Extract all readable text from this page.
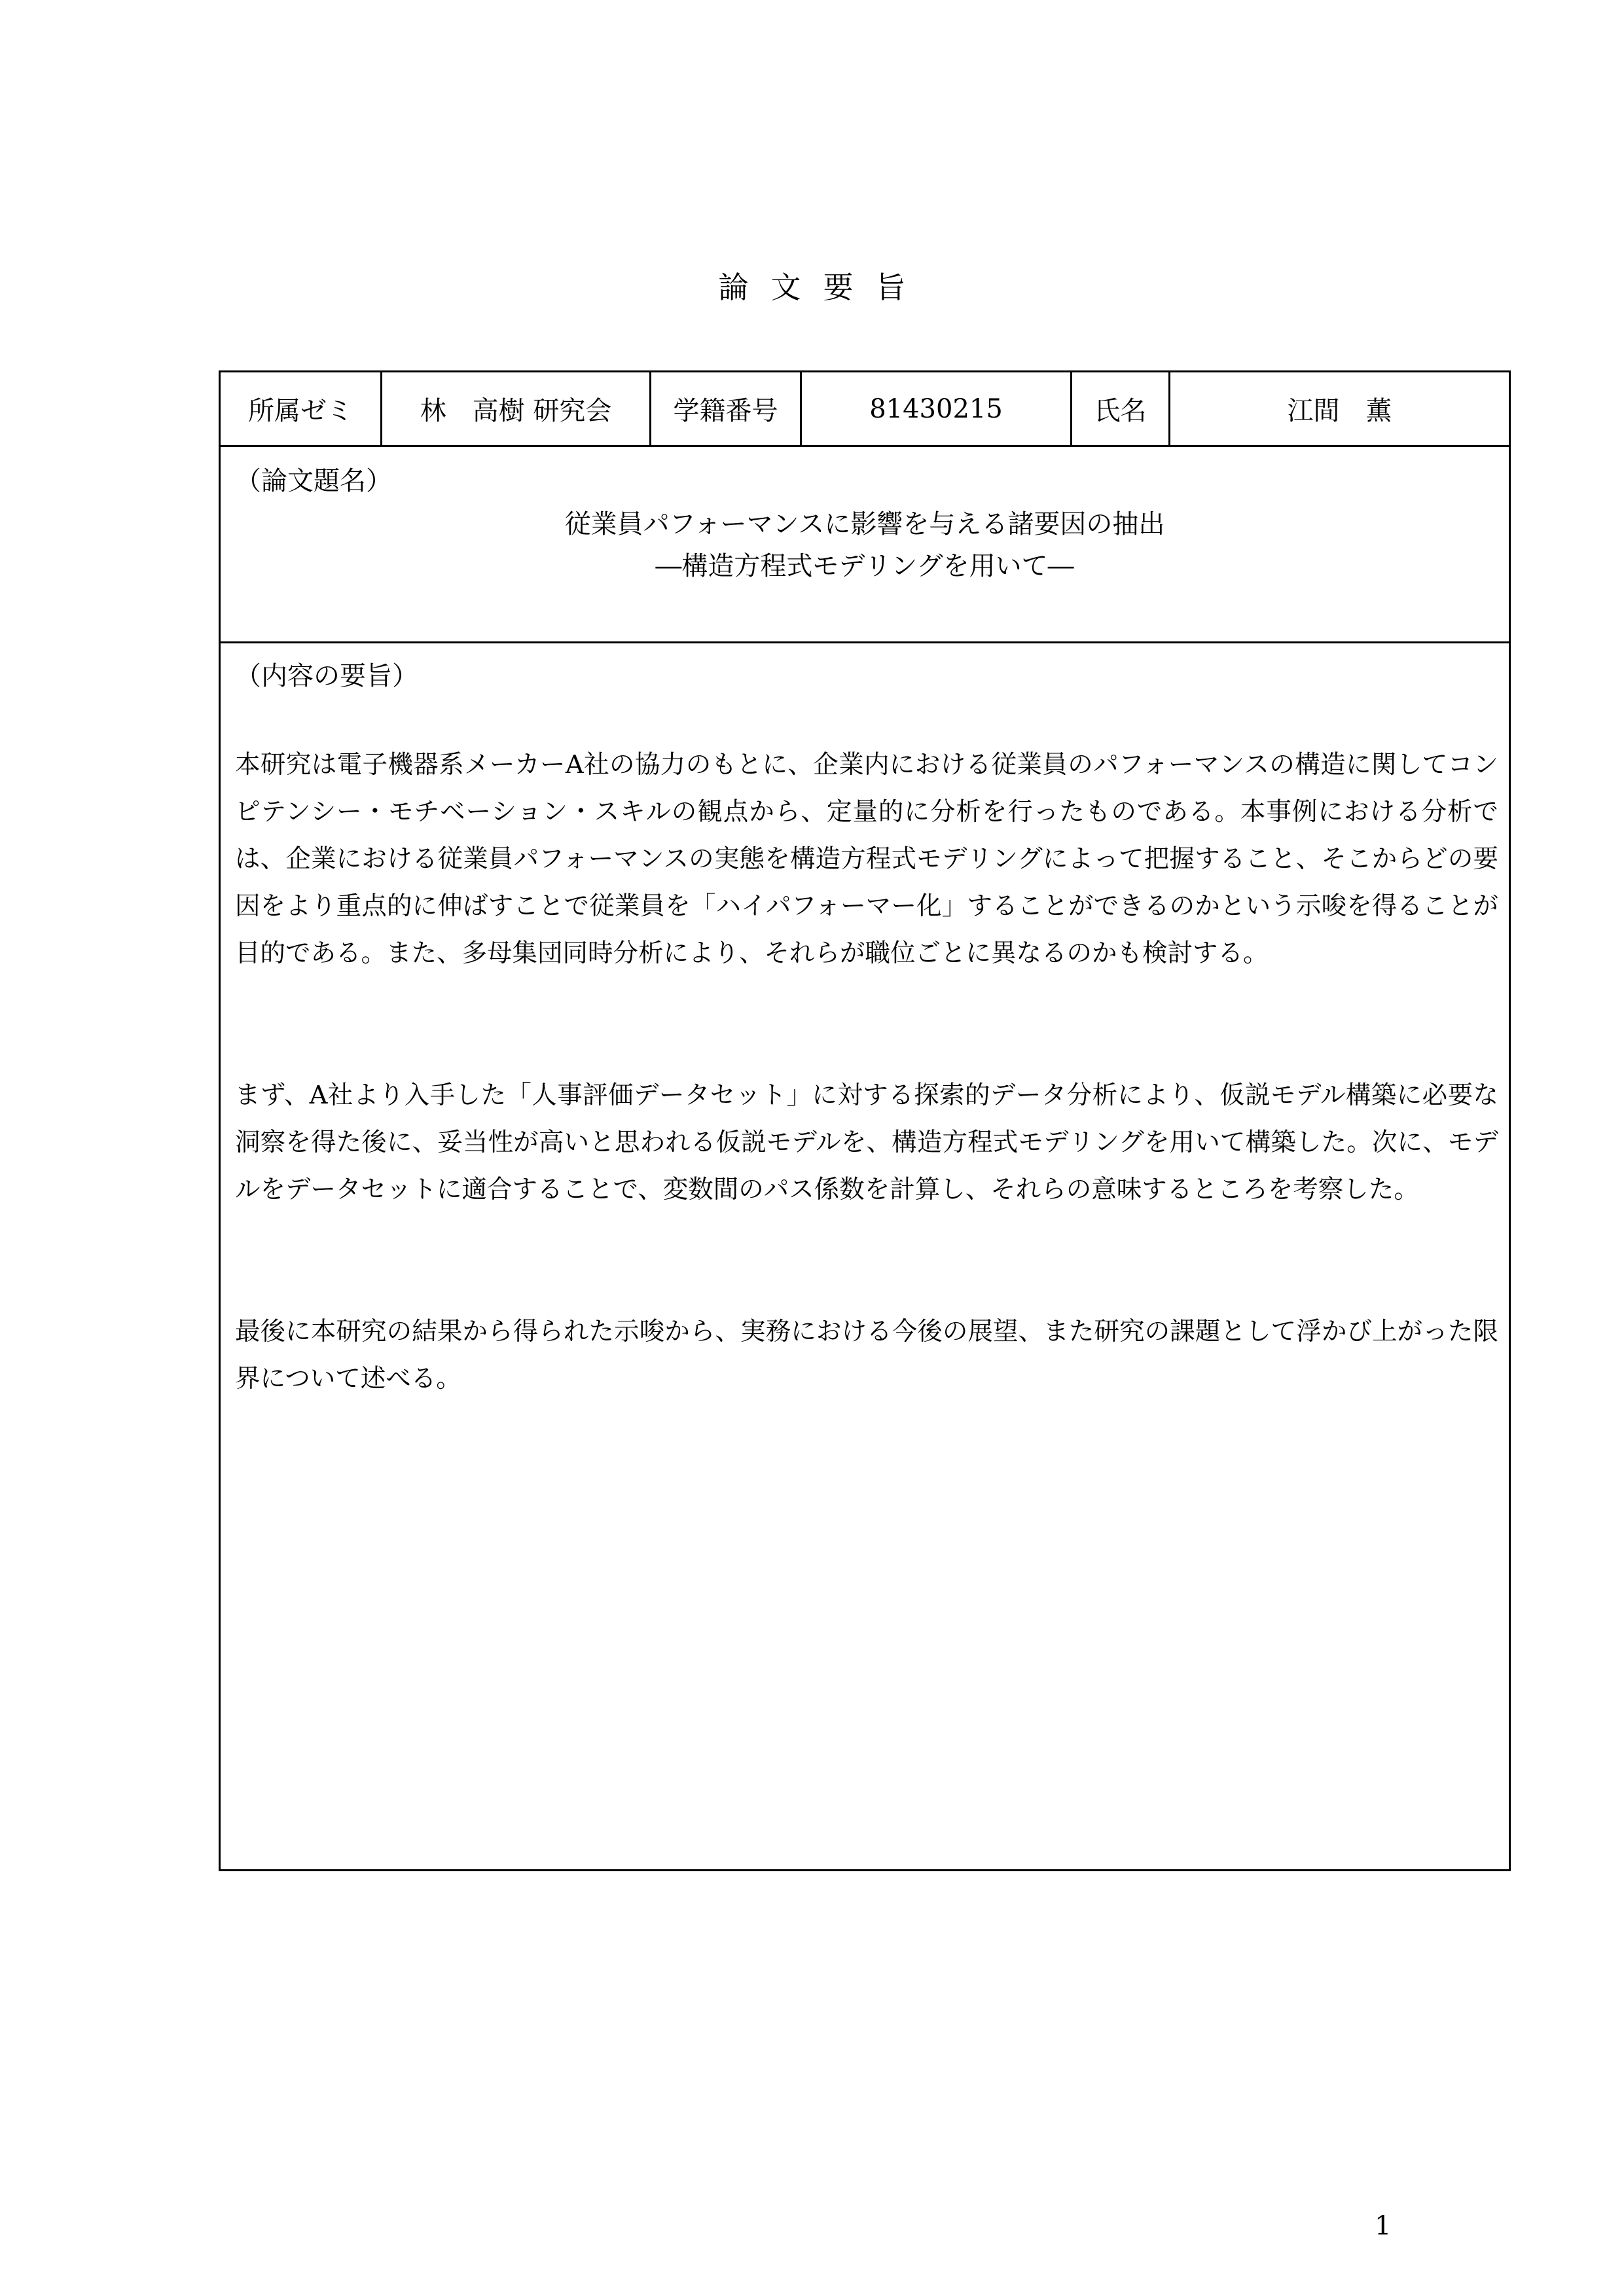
論文要旨
所属ゼミ	林　高樹 研究会	学籍番号	81430215	氏名	江間　薫
（論文題名）
従業員パフォーマンスに影響を与える諸要因の抽出
―構造方程式モデリングを用いて―
（内容の要旨）

本研究は電子機器系メーカーA社の協力のもとに、企業内における従業員のパフォーマンスの構造に関してコンピテンシー・モチベーション・スキルの観点から、定量的に分析を行ったものである。本事例における分析では、企業における従業員パフォーマンスの実態を構造方程式モデリングによって把握すること、そこからどの要因をより重点的に伸ばすことで従業員を「ハイパフォーマー化」することができるのかという示唆を得ることが目的である。また、多母集団同時分析により、それらが職位ごとに異なるのかも検討する。

まず、A社より入手した「人事評価データセット」に対する探索的データ分析により、仮説モデル構築に必要な洞察を得た後に、妥当性が高いと思われる仮説モデルを、構造方程式モデリングを用いて構築した。次に、モデルをデータセットに適合することで、変数間のパス係数を計算し、それらの意味するところを考察した。

最後に本研究の結果から得られた示唆から、実務における今後の展望、また研究の課題として浮かび上がった限界について述べる。

1
